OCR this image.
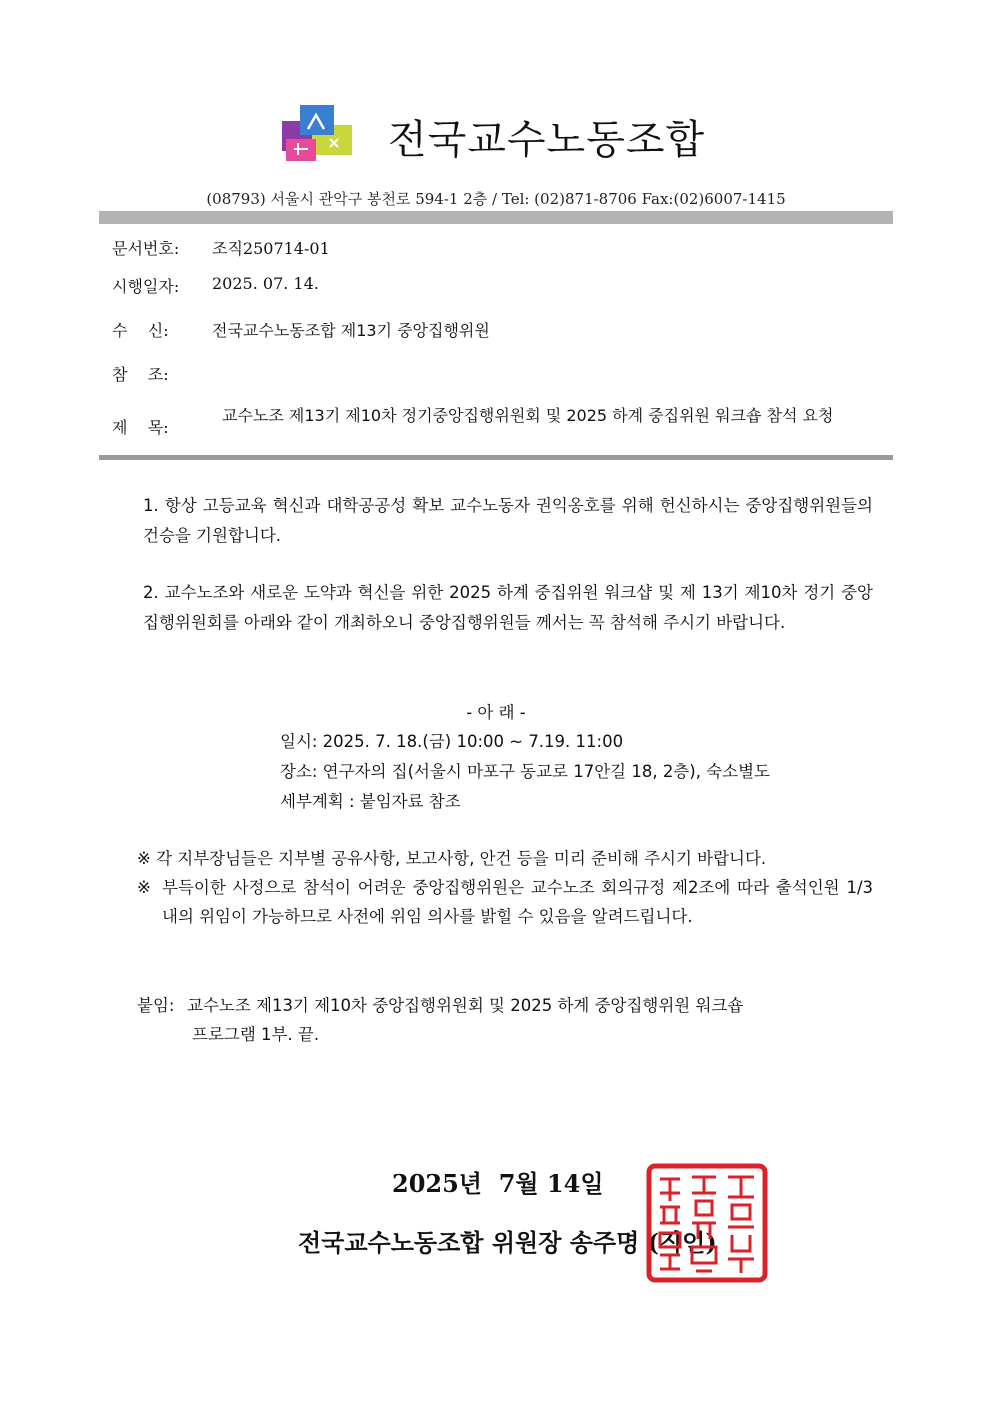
전국교수노동조합
(08793) 서울시 관악구 봉천로 594-1 2층 / Tel: (02)871-8706 Fax:(02)6007-1415
문서번호: 조직250714-01
시행일자: 2025. 07. 14.
수    신:	전국교수노동조합 제13기 중앙집행위원
참    조:
제    목:
교수노조 제13기 제10차 정기중앙집행위원회 및 2025 하계 중집위원 워크숍 참석 요청
1. 항상 고등교육 혁신과 대학공공성 확보 교수노동자 권익옹호를 위해 헌신하시는 중앙집행위원들의 건승을 기원합니다.
2. 교수노조와 새로운 도약과 혁신을 위한 2025 하계 중집위원 워크샵 및 제 13기 제10차 정기 중앙집행위원회를 아래와 같이 개최하오니 중앙집행위원들 께서는 꼭 참석해 주시기 바랍니다.
- 아 래 -
일시: 2025. 7. 18.(금) 10:00 ~ 7.19. 11:00
장소: 연구자의 집(서울시 마포구 동교로 17안길 18, 2층), 숙소별도
세부계획 : 붙임자료 참조
※ 각 지부장님들은 지부별 공유사항, 보고사항, 안건 등을 미리 준비해 주시기 바랍니다.
※ 부득이한 사정으로 참석이 어려운 중앙집행위원은 교수노조 회의규정 제2조에 따라 출석인원 1/3 내의 위임이 가능하므로 사전에 위임 의사를 밝힐 수 있음을 알려드립니다.
붙임: 교수노조 제13기 제10차 중앙집행위원회 및 2025 하계 중앙집행위원 워크숍
프로그램 1부. 끝.
2025년  7월 14일
전국교수노동조합 위원장 송주명 (직인)
